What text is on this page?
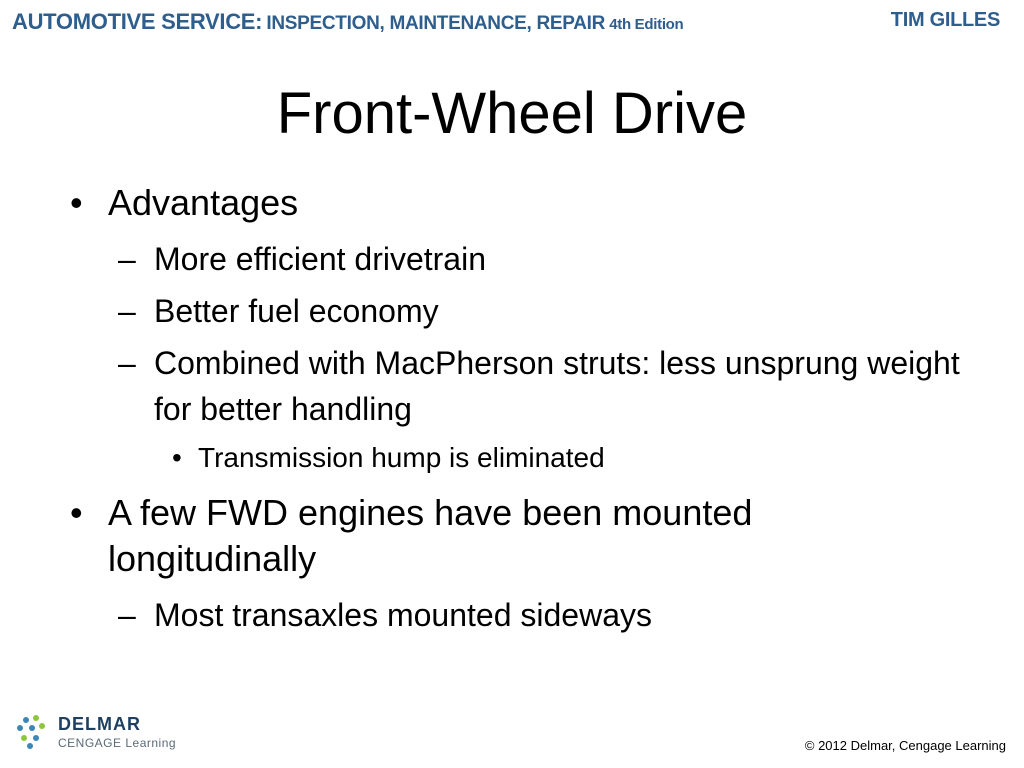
AUTOMOTIVE SERVICE: INSPECTION, MAINTENANCE, REPAIR 4th Edition	TIM GILLES
Front-Wheel Drive
• Advantages
– More efficient drivetrain
– Better fuel economy
– Combined with MacPherson struts: less unsprung weight for better handling
• Transmission hump is eliminated
• A few FWD engines have been mounted longitudinally
– Most transaxles mounted sideways
DELMAR
CENGAGE Learning	© 2012 Delmar, Cengage Learning
